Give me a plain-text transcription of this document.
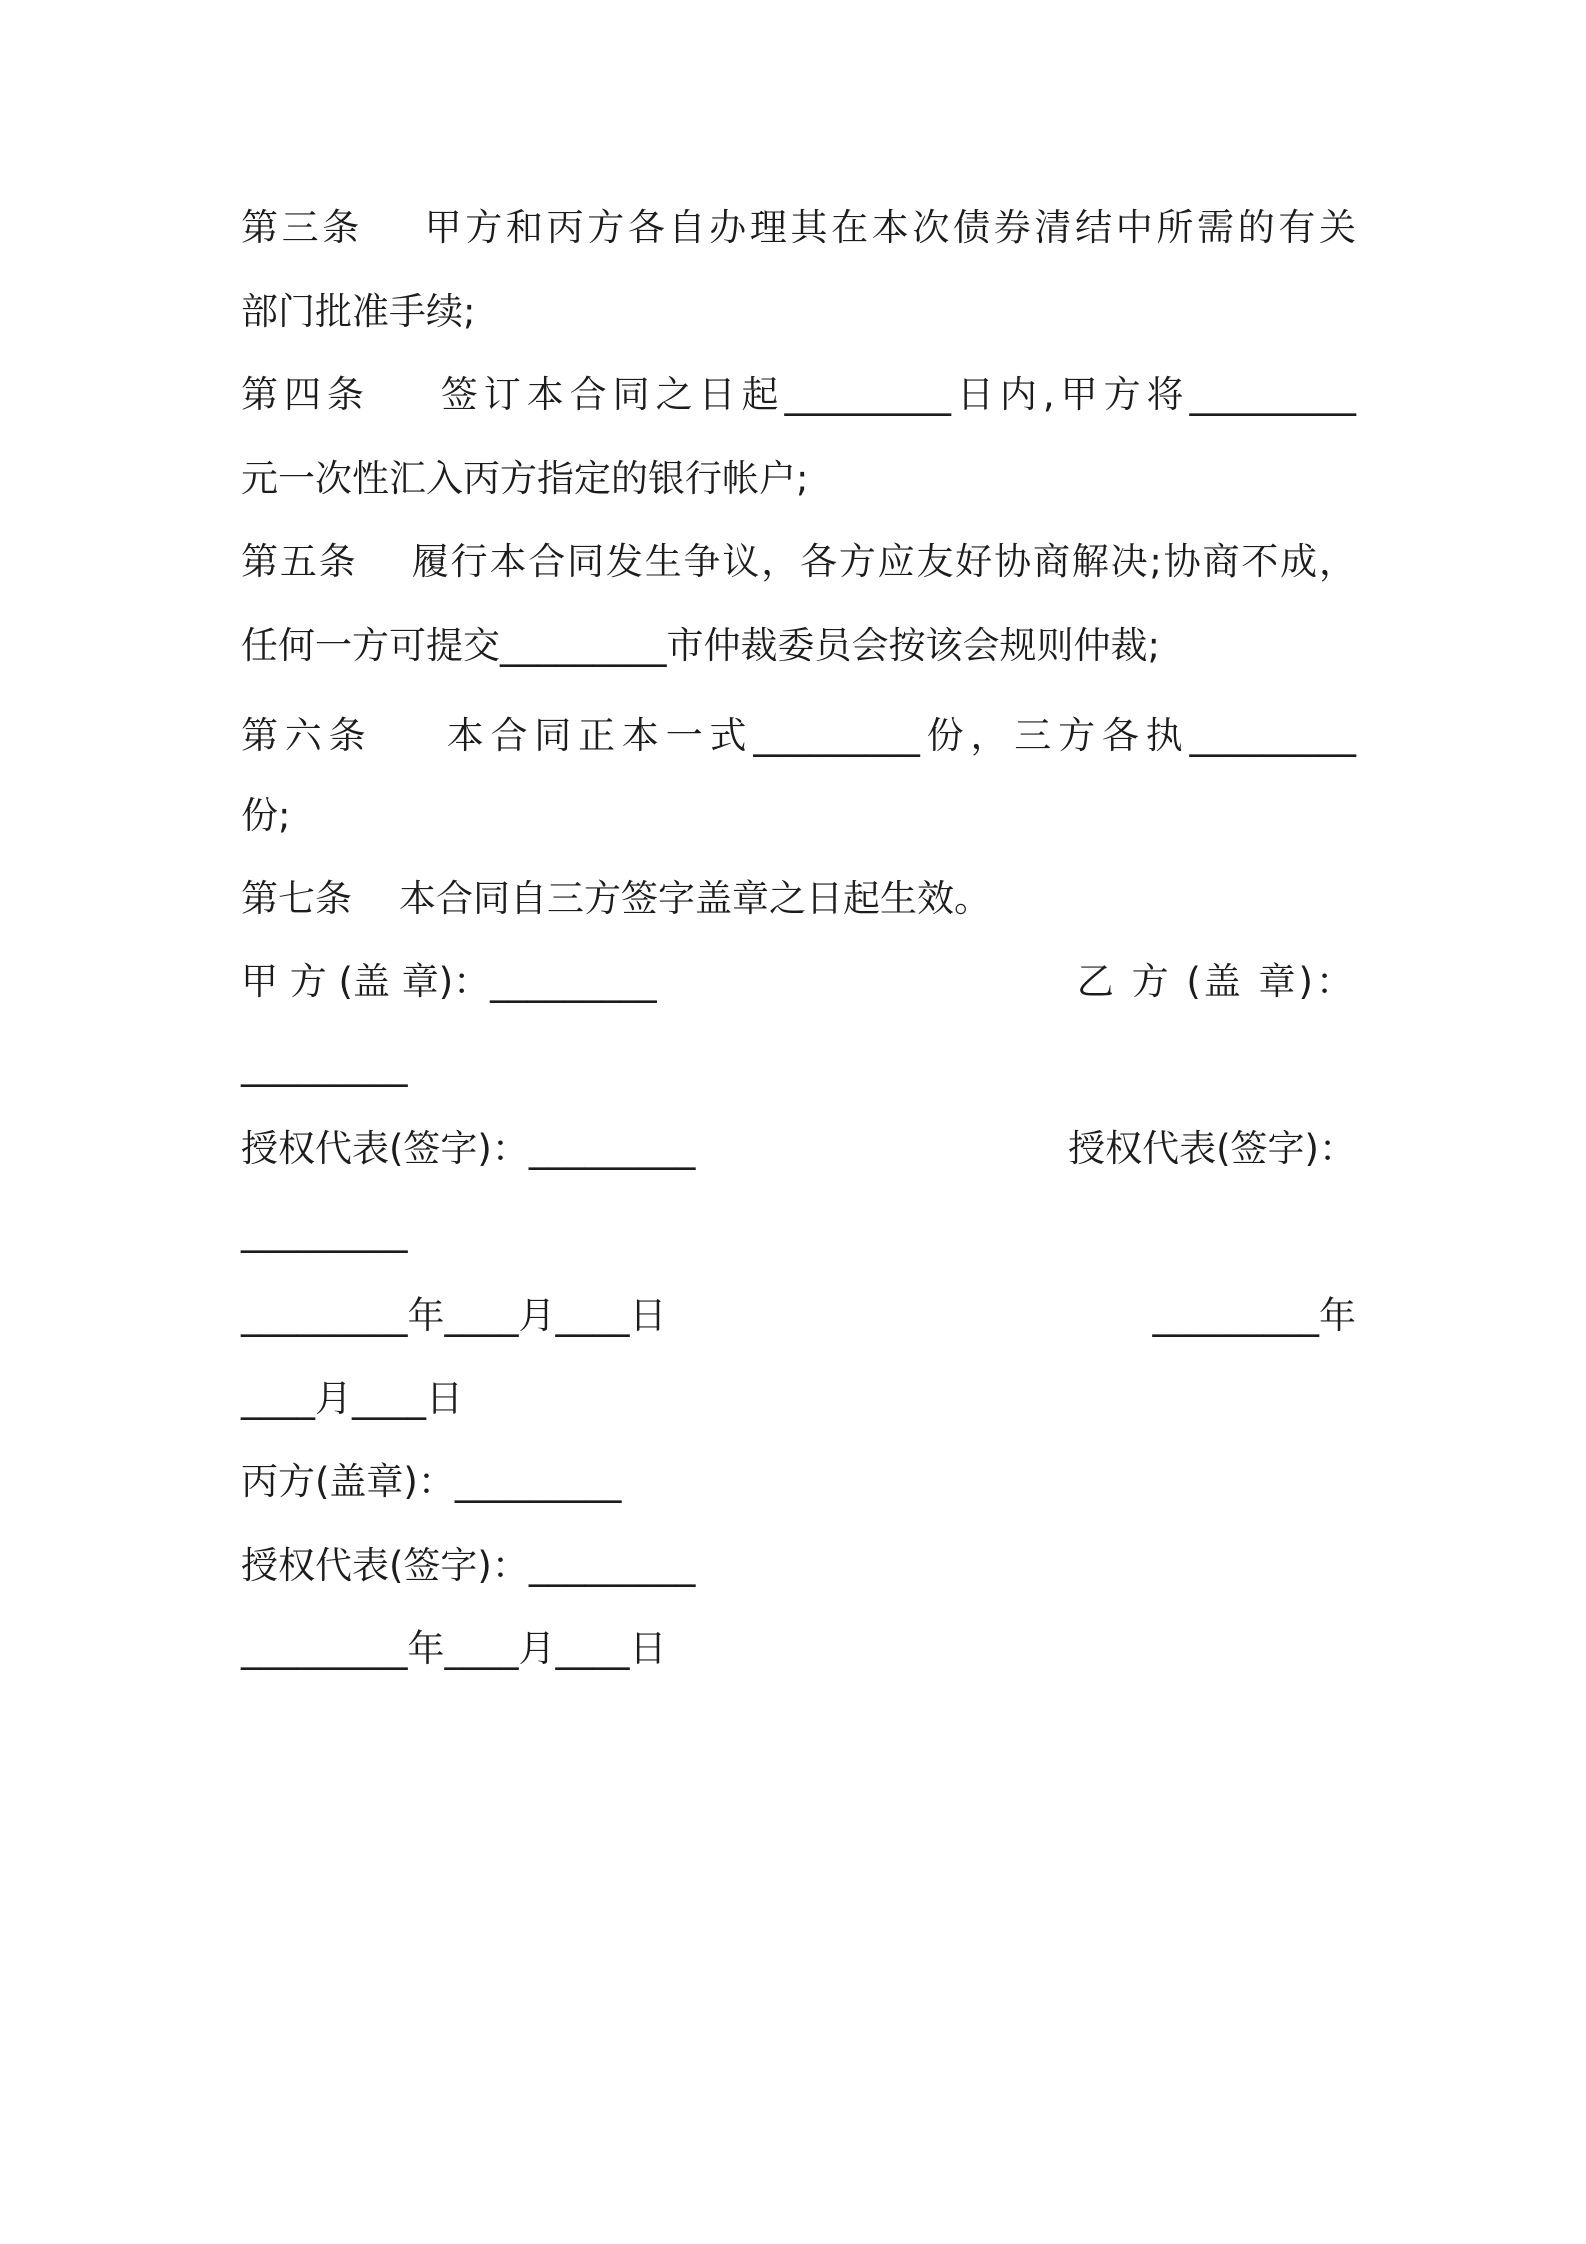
第三条    甲方和丙方各自办理其在本次债券清结中所需的有关
部门批准手续;
第四条    签订本合同之日起_________日内,甲方将_________
元一次性汇入丙方指定的银行帐户;
第五条    履行本合同发生争议，各方应友好协商解决;协商不成，
任何一方可提交_________市仲裁委员会按该会规则仲裁;
第六条    本合同正本一式_________份，三方各执_________
份;
第七条    本合同自三方签字盖章之日起生效。
甲 方 (盖 章)：_________	乙 方 (盖 章)：
_________
授权代表(签字)：_________	授权代表(签字)：
_________
_________年____月____日	_________年
____月____日
丙方(盖章)：_________
授权代表(签字)：_________
_________年____月____日
